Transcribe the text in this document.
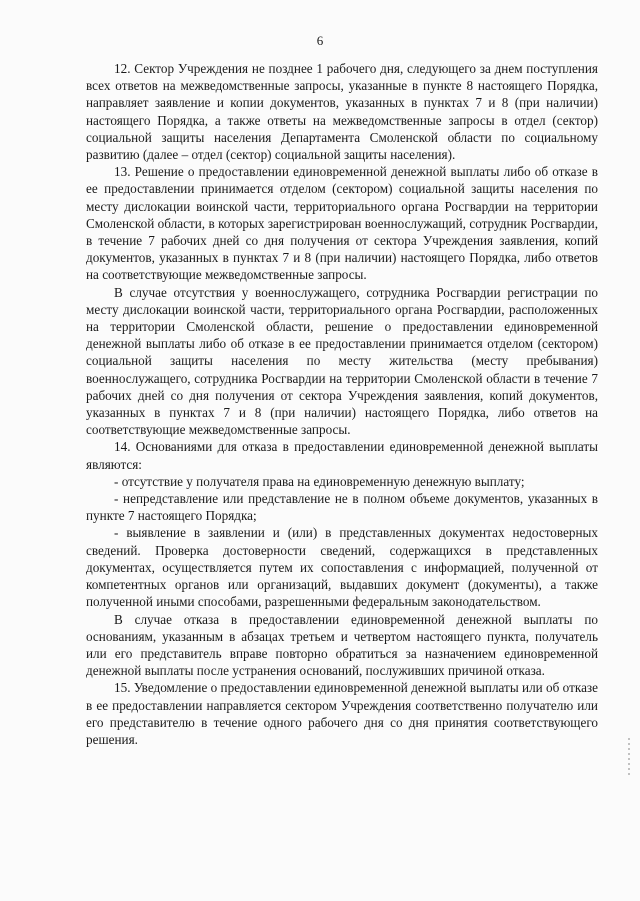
6

12. Сектор Учреждения не позднее 1 рабочего дня, следующего за днем поступления всех ответов на межведомственные запросы, указанные в пункте 8 настоящего Порядка, направляет заявление и копии документов, указанных в пунктах 7 и 8 (при наличии) настоящего Порядка, а также ответы на межведомственные запросы в отдел (сектор) социальной защиты населения Департамента Смоленской области по социальному развитию (далее – отдел (сектор) социальной защиты населения).

13. Решение о предоставлении единовременной денежной выплаты либо об отказе в ее предоставлении принимается отделом (сектором) социальной защиты населения по месту дислокации воинской части, территориального органа Росгвардии на территории Смоленской области, в которых зарегистрирован военнослужащий, сотрудник Росгвардии, в течение 7 рабочих дней со дня получения от сектора Учреждения заявления, копий документов, указанных в пунктах 7 и 8 (при наличии) настоящего Порядка, либо ответов на соответствующие межведомственные запросы.

В случае отсутствия у военнослужащего, сотрудника Росгвардии регистрации по месту дислокации воинской части, территориального органа Росгвардии, расположенных на территории Смоленской области, решение о предоставлении единовременной денежной выплаты либо об отказе в ее предоставлении принимается отделом (сектором) социальной защиты населения по месту жительства (месту пребывания) военнослужащего, сотрудника Росгвардии на территории Смоленской области в течение 7 рабочих дней со дня получения от сектора Учреждения заявления, копий документов, указанных в пунктах 7 и 8 (при наличии) настоящего Порядка, либо ответов на соответствующие межведомственные запросы.

14. Основаниями для отказа в предоставлении единовременной денежной выплаты являются:

- отсутствие у получателя права на единовременную денежную выплату;

- непредставление или представление не в полном объеме документов, указанных в пункте 7 настоящего Порядка;

- выявление в заявлении и (или) в представленных документах недостоверных сведений. Проверка достоверности сведений, содержащихся в представленных документах, осуществляется путем их сопоставления с информацией, полученной от компетентных органов или организаций, выдавших документ (документы), а также полученной иными способами, разрешенными федеральным законодательством.

В случае отказа в предоставлении единовременной денежной выплаты по основаниям, указанным в абзацах третьем и четвертом настоящего пункта, получатель или его представитель вправе повторно обратиться за назначением единовременной денежной выплаты после устранения оснований, послуживших причиной отказа.

15. Уведомление о предоставлении единовременной денежной выплаты или об отказе в ее предоставлении направляется сектором Учреждения соответственно получателю или его представителю в течение одного рабочего дня со дня принятия соответствующего решения.
